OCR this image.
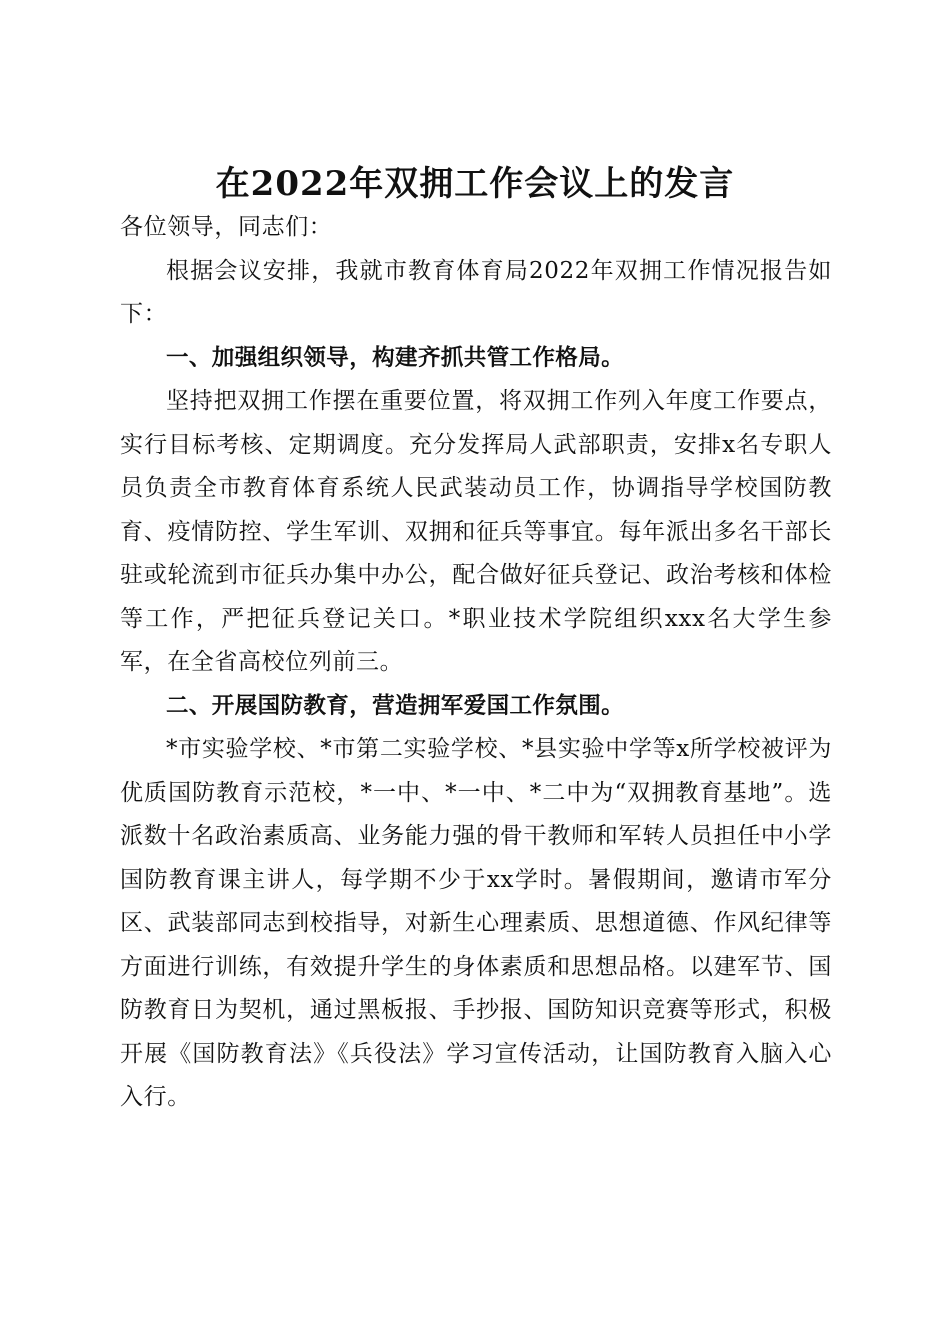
在2022年双拥工作会议上的发言

各位领导，同志们：

根据会议安排，我就市教育体育局2022年双拥工作情况报告如下：

一、加强组织领导，构建齐抓共管工作格局。

坚持把双拥工作摆在重要位置，将双拥工作列入年度工作要点，实行目标考核、定期调度。充分发挥局人武部职责，安排x名专职人员负责全市教育体育系统人民武装动员工作，协调指导学校国防教育、疫情防控、学生军训、双拥和征兵等事宜。每年派出多名干部长驻或轮流到市征兵办集中办公，配合做好征兵登记、政治考核和体检等工作，严把征兵登记关口。*职业技术学院组织xxx名大学生参军，在全省高校位列前三。

二、开展国防教育，营造拥军爱国工作氛围。

*市实验学校、*市第二实验学校、*县实验中学等x所学校被评为优质国防教育示范校，*一中、*一中、*二中为“双拥教育基地”。选派数十名政治素质高、业务能力强的骨干教师和军转人员担任中小学国防教育课主讲人，每学期不少于xx学时。暑假期间，邀请市军分区、武装部同志到校指导，对新生心理素质、思想道德、作风纪律等方面进行训练，有效提升学生的身体素质和思想品格。以建军节、国防教育日为契机，通过黑板报、手抄报、国防知识竞赛等形式，积极开展《国防教育法》《兵役法》学习宣传活动，让国防教育入脑入心入行。
